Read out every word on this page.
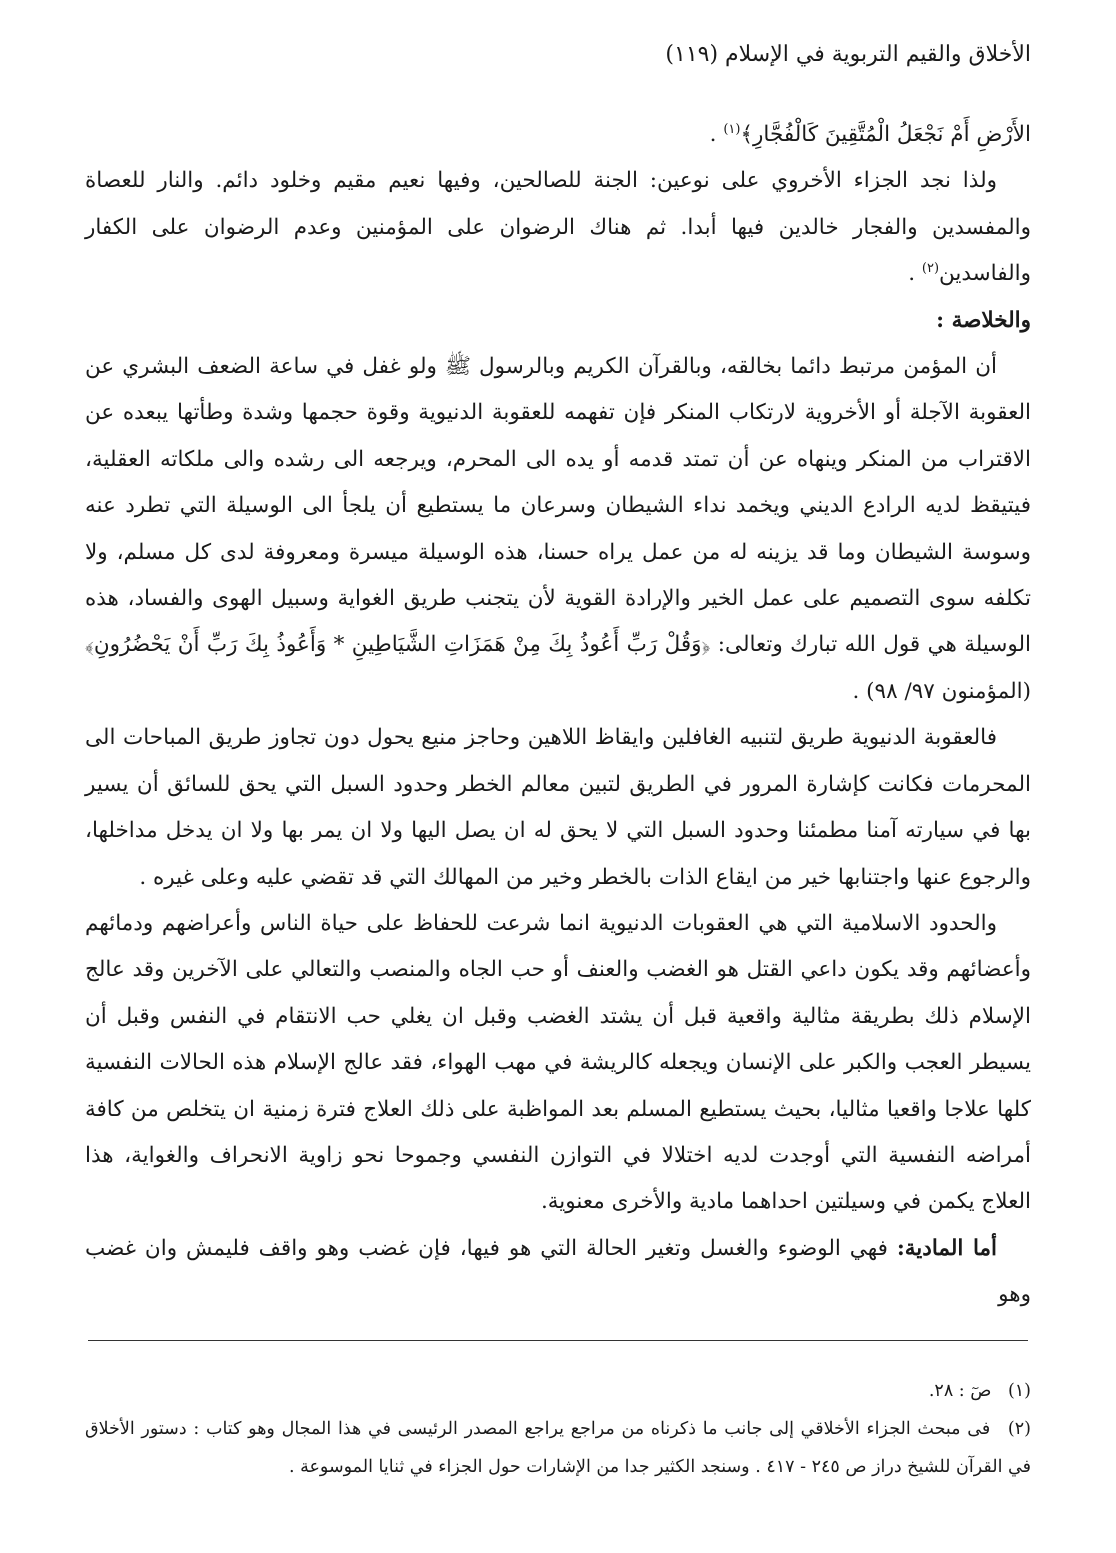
الأخلاق والقيم التربوية في الإسلام (١١٩)

الأَرْضِ أَمْ نَجْعَلُ الْمُتَّقِينَ كَالْفُجَّارِ﴾$^{(١)}$ .

ولذا نجد الجزاء الأخروي على نوعين: الجنة للصالحين، وفيها نعيم مقيم وخلود دائم. والنار للعصاة والمفسدين والفجار خالدين فيها أبدا. ثم هناك الرضوان على المؤمنين وعدم الرضوان على الكفار والفاسدين$^{(٢)}$ .

والخلاصة :

أن المؤمن مرتبط دائما بخالقه، وبالقرآن الكريم وبالرسول ﷺ ولو غفل في ساعة الضعف البشري عن العقوبة الآجلة أو الأخروية لارتكاب المنكر فإن تفهمه للعقوبة الدنيوية وقوة حجمها وشدة وطأتها يبعده عن الاقتراب من المنكر وينهاه عن أن تمتد قدمه أو يده الى المحرم، ويرجعه الى رشده والى ملكاته العقلية، فيتيقظ لديه الرادع الديني ويخمد نداء الشيطان وسرعان ما يستطيع أن يلجأ الى الوسيلة التي تطرد عنه وسوسة الشيطان وما قد يزينه له من عمل يراه حسنا، هذه الوسيلة ميسرة ومعروفة لدى كل مسلم، ولا تكلفه سوى التصميم على عمل الخير والإرادة القوية لأن يتجنب طريق الغواية وسبيل الهوى والفساد، هذه الوسيلة هي قول الله تبارك وتعالى: ﴿وَقُلْ رَبِّ أَعُوذُ بِكَ مِنْ هَمَزَاتِ الشَّيَاطِينِ * وَأَعُوذُ بِكَ رَبِّ أَنْ يَحْضُرُونِ﴾ (المؤمنون ٩٧/ ٩٨) .

فالعقوبة الدنيوية طريق لتنبيه الغافلين وايقاظ اللاهين وحاجز منيع يحول دون تجاوز طريق المباحات الى المحرمات فكانت كإشارة المرور في الطريق لتبين معالم الخطر وحدود السبل التي يحق للسائق أن يسير بها في سيارته آمنا مطمئنا وحدود السبل التي لا يحق له ان يصل اليها ولا ان يمر بها ولا ان يدخل مداخلها، والرجوع عنها واجتنابها خير من ايقاع الذات بالخطر وخير من المهالك التي قد تقضي عليه وعلى غيره .

والحدود الاسلامية التي هي العقوبات الدنيوية انما شرعت للحفاظ على حياة الناس وأعراضهم ودمائهم وأعضائهم وقد يكون داعي القتل هو الغضب والعنف أو حب الجاه والمنصب والتعالي على الآخرين وقد عالج الإسلام ذلك بطريقة مثالية واقعية قبل أن يشتد الغضب وقبل ان يغلي حب الانتقام في النفس وقبل أن يسيطر العجب والكبر على الإنسان ويجعله كالريشة في مهب الهواء، فقد عالج الإسلام هذه الحالات النفسية كلها علاجا واقعيا مثاليا، بحيث يستطيع المسلم بعد المواظبة على ذلك العلاج فترة زمنية ان يتخلص من كافة أمراضه النفسية التي أوجدت لديه اختلالا في التوازن النفسي وجموحا نحو زاوية الانحراف والغواية، هذا العلاج يكمن في وسيلتين احداهما مادية والأخرى معنوية.

أما المادية: فهي الوضوء والغسل وتغير الحالة التي هو فيها، فإن غضب وهو واقف فليمش وان غضب وهو

(١) صٓ : ٢٨.

(٢) فى مبحث الجزاء الأخلاقي إلى جانب ما ذكرناه من مراجع يراجع المصدر الرئيسى في هذا المجال وهو كتاب : دستور الأخلاق في القرآن للشيخ دراز ص ٢٤٥ - ٤١٧ . وسنجد الكثير جدا من الإشارات حول الجزاء في ثنايا الموسوعة .
